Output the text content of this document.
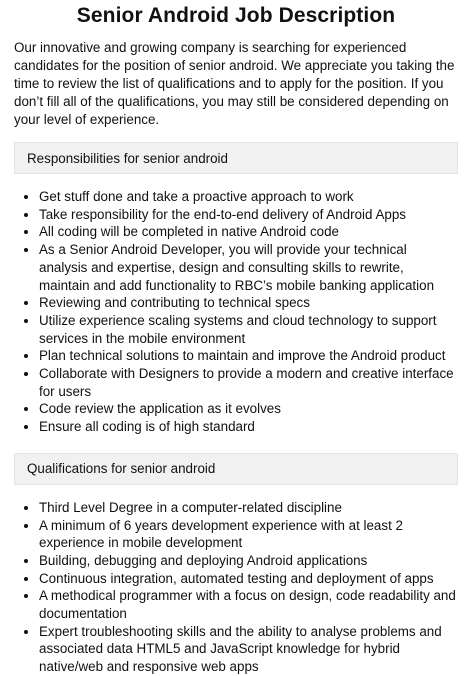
Senior Android Job Description

Our innovative and growing company is searching for experienced candidates for the position of senior android. We appreciate you taking the time to review the list of qualifications and to apply for the position. If you don’t fill all of the qualifications, you may still be considered depending on your level of experience.

Responsibilities for senior android
Get stuff done and take a proactive approach to work
Take responsibility for the end-to-end delivery of Android Apps
All coding will be completed in native Android code
As a Senior Android Developer, you will provide your technical analysis and expertise, design and consulting skills to rewrite, maintain and add functionality to RBC’s mobile banking application
Reviewing and contributing to technical specs
Utilize experience scaling systems and cloud technology to support services in the mobile environment
Plan technical solutions to maintain and improve the Android product
Collaborate with Designers to provide a modern and creative interface for users
Code review the application as it evolves
Ensure all coding is of high standard
Qualifications for senior android
Third Level Degree in a computer-related discipline
A minimum of 6 years development experience with at least 2 experience in mobile development
Building, debugging and deploying Android applications
Continuous integration, automated testing and deployment of apps
A methodical programmer with a focus on design, code readability and documentation
Expert troubleshooting skills and the ability to analyse problems and associated data HTML5 and JavaScript knowledge for hybrid native/web and responsive web apps
